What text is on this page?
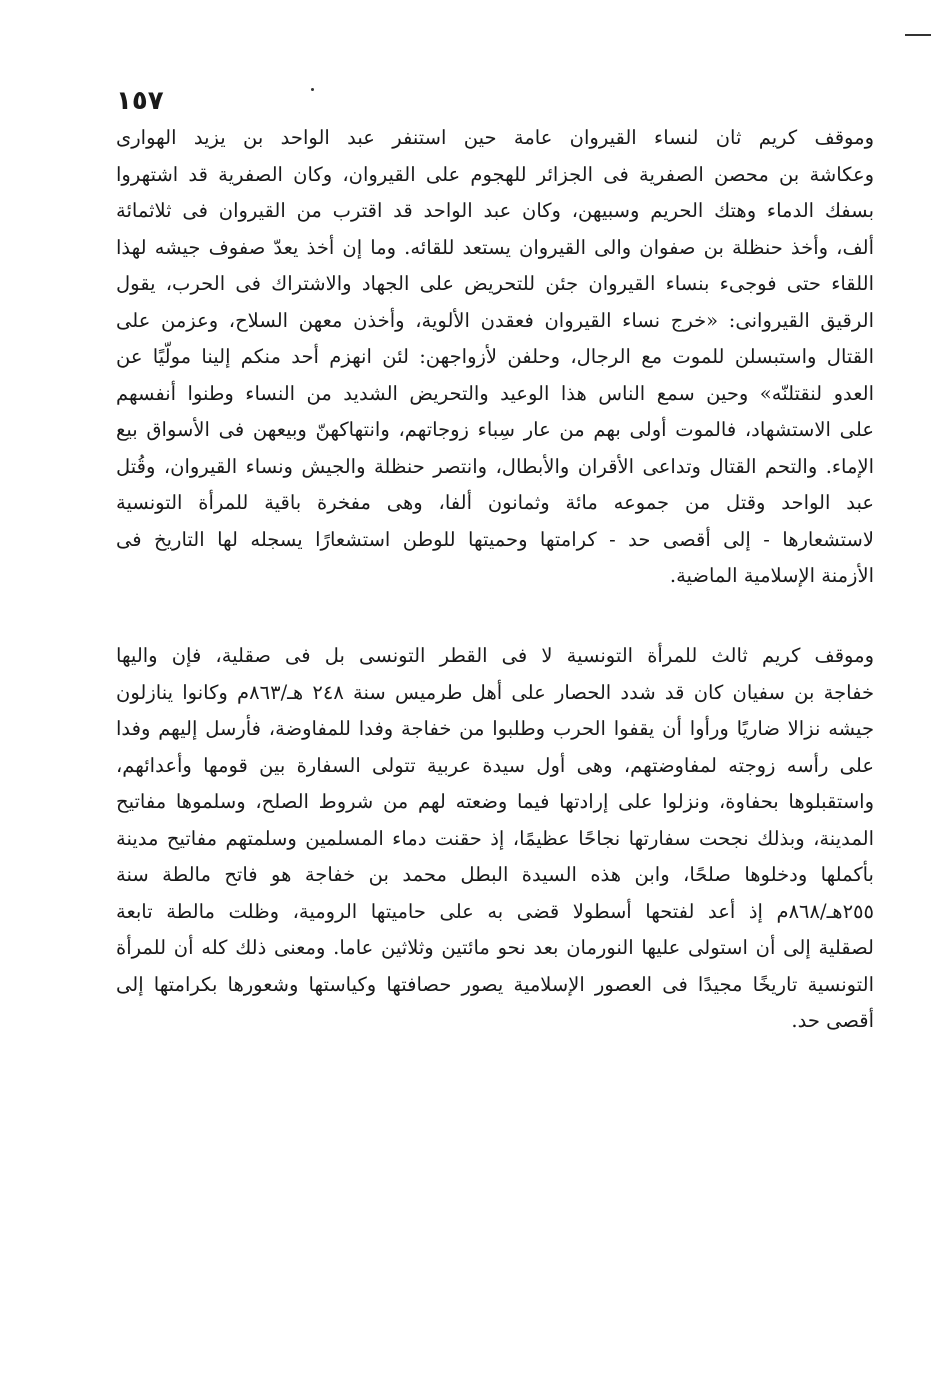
١٥٧
وموقف كريم ثان لنساء القيروان عامة حين استنفر عبد الواحد بن يزيد الهوارى
وعكاشة بن محصن الصفرية فى الجزائر للهجوم على القيروان، وكان الصفرية قد اشتهروا
بسفك الدماء وهتك الحريم وسبيهن، وكان عبد الواحد قد اقترب من القيروان فى ثلاثمائة
ألف، وأخذ حنظلة بن صفوان والى القيروان يستعد للقائه. وما إن أخذ يعدّ صفوف جيشه لهذا
اللقاء حتى فوجىء بنساء القيروان جئن للتحريض على الجهاد والاشتراك فى الحرب، يقول
الرقيق القيروانى: «خرج نساء القيروان فعقدن الألوية، وأخذن معهن السلاح، وعزمن على
القتال واستبسلن للموت مع الرجال، وحلفن لأزواجهن: لئن انهزم أحد منكم إلينا مولّيًا عن
العدو لنقتلنّه» وحين سمع الناس هذا الوعيد والتحريض الشديد من النساء وطنوا أنفسهم
على الاستشهاد، فالموت أولى بهم من عار سِباء زوجاتهم، وانتهاكهنّ وبيعهن فى الأسواق بيع
الإماء. والتحم القتال وتداعى الأقران والأبطال، وانتصر حنظلة والجيش ونساء القيروان، وقُتل
عبد الواحد وقتل من جموعه مائة وثمانون ألفا، وهى مفخرة باقية للمرأة التونسية
لاستشعارها - إلى أقصى حد - كرامتها وحميتها للوطن استشعارًا يسجله لها التاريخ فى
الأزمنة الإسلامية الماضية.
وموقف كريم ثالث للمرأة التونسية لا فى القطر التونسى بل فى صقلية، فإن واليها
خفاجة بن سفيان كان قد شدد الحصار على أهل طرميس سنة ٢٤٨ هـ/٨٦٣م وكانوا ينازلون
جيشه نزالا ضاريًا ورأوا أن يقفوا الحرب وطلبوا من خفاجة وفدا للمفاوضة، فأرسل إليهم وفدا
على رأسه زوجته لمفاوضتهم، وهى أول سيدة عربية تتولى السفارة بين قومها وأعدائهم،
واستقبلوها بحفاوة، ونزلوا على إرادتها فيما وضعته لهم من شروط الصلح، وسلموها مفاتيح
المدينة، وبذلك نجحت سفارتها نجاحًا عظيمًا، إذ حقنت دماء المسلمين وسلمتهم مفاتيح مدينة
بأكملها ودخلوها صلحًا، وابن هذه السيدة البطل محمد بن خفاجة هو فاتح مالطة سنة
٢٥٥هـ/٨٦٨م إذ أعد لفتحها أسطولا قضى به على حاميتها الرومية، وظلت مالطة تابعة
لصقلية إلى أن استولى عليها النورمان بعد نحو مائتين وثلاثين عاما. ومعنى ذلك كله أن للمرأة
التونسية تاريخًا مجيدًا فى العصور الإسلامية يصور حصافتها وكياستها وشعورها بكرامتها إلى
أقصى حد.
